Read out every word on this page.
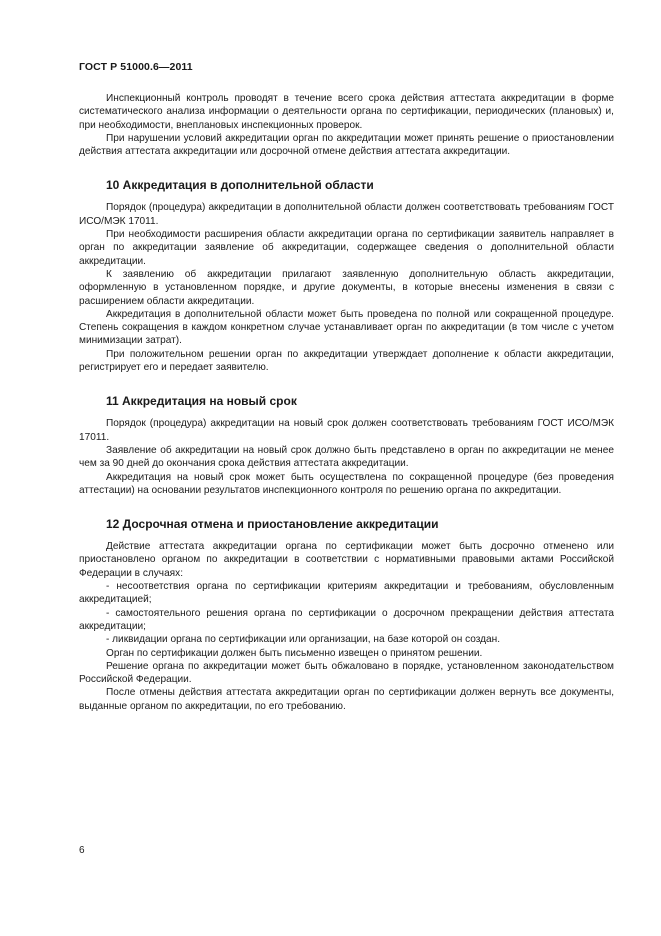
ГОСТ Р 51000.6—2011

Инспекционный контроль проводят в течение всего срока действия аттестата аккредитации в форме систематического анализа информации о деятельности органа по сертификации, периодических (плановых) и, при необходимости, внеплановых инспекционных проверок.

При нарушении условий аккредитации орган по аккредитации может принять решение о приостановлении действия аттестата аккредитации или досрочной отмене действия аттестата аккредитации.

10 Аккредитация в дополнительной области

Порядок (процедура) аккредитации в дополнительной области должен соответствовать требованиям ГОСТ ИСО/МЭК 17011.

При необходимости расширения области аккредитации органа по сертификации заявитель направляет в орган по аккредитации заявление об аккредитации, содержащее сведения о дополнительной области аккредитации.

К заявлению об аккредитации прилагают заявленную дополнительную область аккредитации, оформленную в установленном порядке, и другие документы, в которые внесены изменения в связи с расширением области аккредитации.

Аккредитация в дополнительной области может быть проведена по полной или сокращенной процедуре. Степень сокращения в каждом конкретном случае устанавливает орган по аккредитации (в том числе с учетом минимизации затрат).

При положительном решении орган по аккредитации утверждает дополнение к области аккредитации, регистрирует его и передает заявителю.

11 Аккредитация на новый срок

Порядок (процедура) аккредитации на новый срок должен соответствовать требованиям ГОСТ ИСО/МЭК 17011.

Заявление об аккредитации на новый срок должно быть представлено в орган по аккредитации не менее чем за 90 дней до окончания срока действия аттестата аккредитации.

Аккредитация на новый срок может быть осуществлена по сокращенной процедуре (без проведения аттестации) на основании результатов инспекционного контроля по решению органа по аккредитации.

12 Досрочная отмена и приостановление аккредитации

Действие аттестата аккредитации органа по сертификации может быть досрочно отменено или приостановлено органом по аккредитации в соответствии с нормативными правовыми актами Российской Федерации в случаях:

- несоответствия органа по сертификации критериям аккредитации и требованиям, обусловленным аккредитацией;

- самостоятельного решения органа по сертификации о досрочном прекращении действия аттестата аккредитации;

- ликвидации органа по сертификации или организации, на базе которой он создан.

Орган по сертификации должен быть письменно извещен о принятом решении.

Решение органа по аккредитации может быть обжаловано в порядке, установленном законодательством Российской Федерации.

После отмены действия аттестата аккредитации орган по сертификации должен вернуть все документы, выданные органом по аккредитации, по его требованию.

6
